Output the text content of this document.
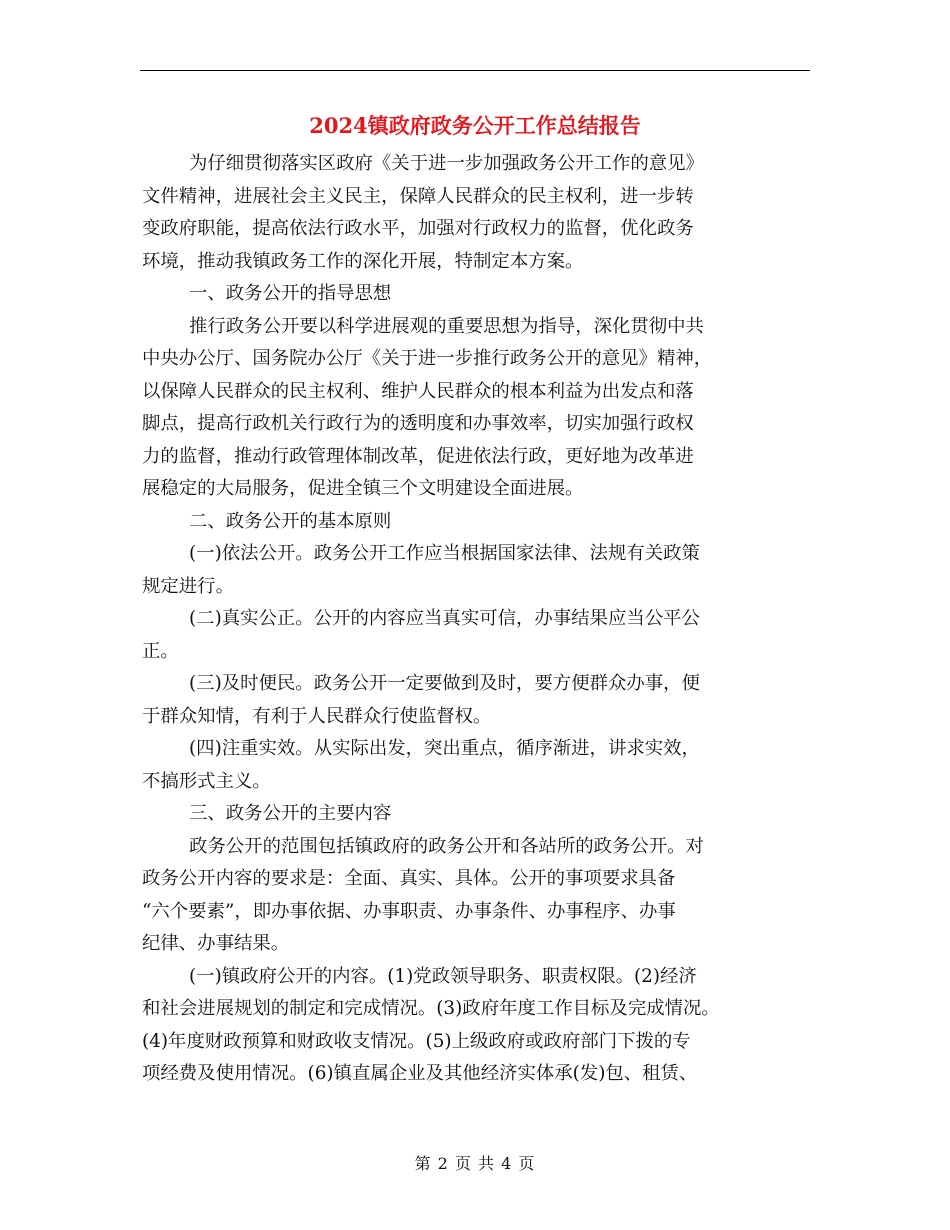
2024镇政府政务公开工作总结报告

为仔细贯彻落实区政府《关于进一步加强政务公开工作的意见》

文件精神，进展社会主义民主，保障人民群众的民主权利，进一步转

变政府职能，提高依法行政水平，加强对行政权力的监督，优化政务

环境，推动我镇政务工作的深化开展，特制定本方案。

一、政务公开的指导思想

推行政务公开要以科学进展观的重要思想为指导，深化贯彻中共

中央办公厅、国务院办公厅《关于进一步推行政务公开的意见》精神，

以保障人民群众的民主权利、维护人民群众的根本利益为出发点和落

脚点，提高行政机关行政行为的透明度和办事效率，切实加强行政权

力的监督，推动行政管理体制改革，促进依法行政，更好地为改革进

展稳定的大局服务，促进全镇三个文明建设全面进展。

二、政务公开的基本原则

(一)依法公开。政务公开工作应当根据国家法律、法规有关政策

规定进行。

(二)真实公正。公开的内容应当真实可信，办事结果应当公平公

正。

(三)及时便民。政务公开一定要做到及时，要方便群众办事，便

于群众知情，有利于人民群众行使监督权。

(四)注重实效。从实际出发，突出重点，循序渐进，讲求实效，

不搞形式主义。

三、政务公开的主要内容

政务公开的范围包括镇政府的政务公开和各站所的政务公开。对

政务公开内容的要求是：全面、真实、具体。公开的事项要求具备

“六个要素”，即办事依据、办事职责、办事条件、办事程序、办事

纪律、办事结果。

(一)镇政府公开的内容。(1)党政领导职务、职责权限。(2)经济

和社会进展规划的制定和完成情况。(3)政府年度工作目标及完成情况。

(4)年度财政预算和财政收支情况。(5)上级政府或政府部门下拨的专

项经费及使用情况。(6)镇直属企业及其他经济实体承(发)包、租赁、

第 2 页 共 4 页
